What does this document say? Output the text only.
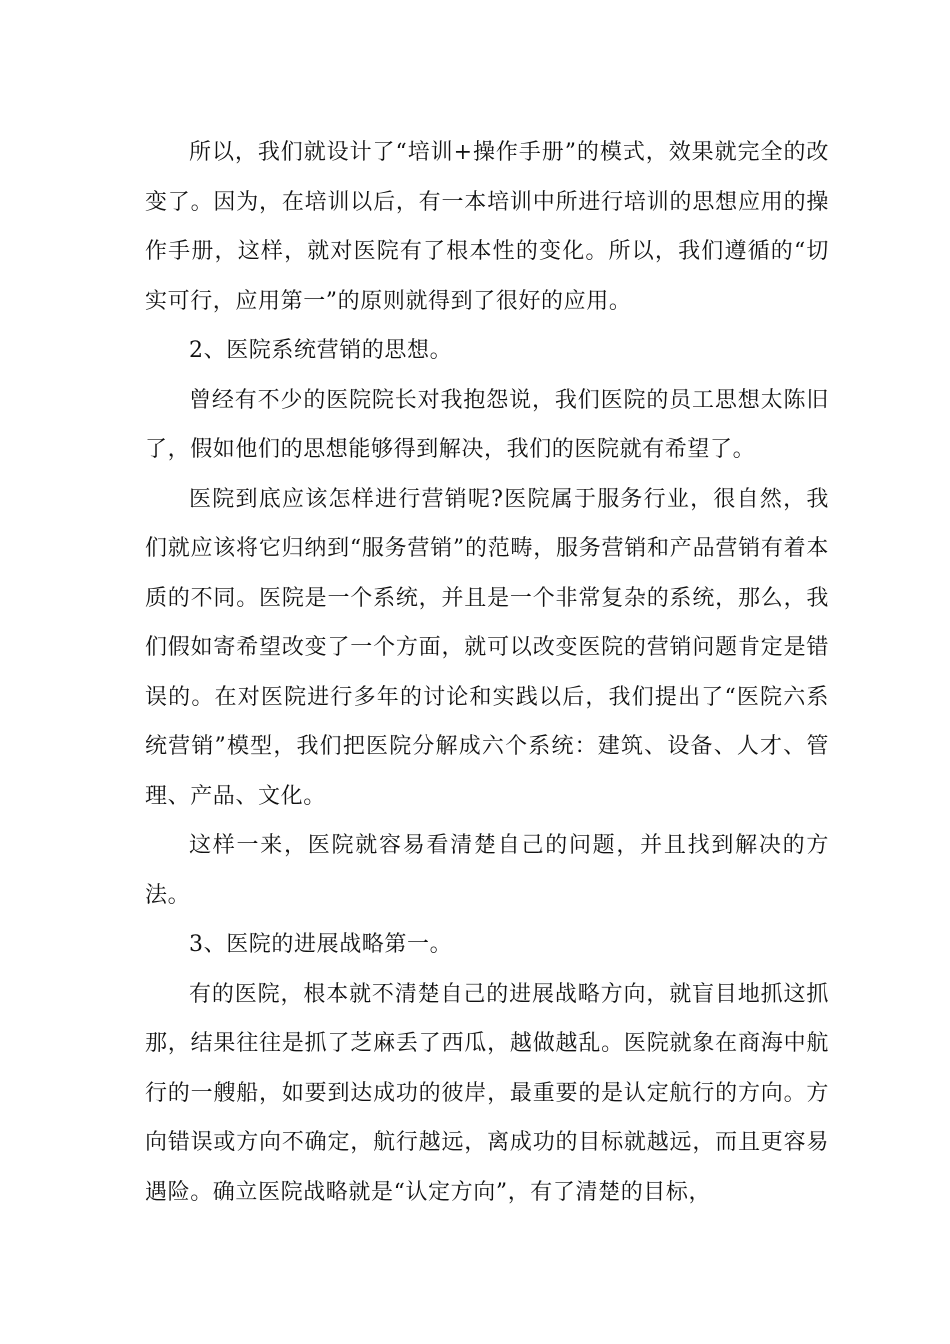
所以，我们就设计了“培训+操作手册”的模式，效果就完全的改变了。因为，在培训以后，有一本培训中所进行培训的思想应用的操作手册，这样，就对医院有了根本性的变化。所以，我们遵循的“切实可行，应用第一”的原则就得到了很好的应用。

2、医院系统营销的思想。

曾经有不少的医院院长对我抱怨说，我们医院的员工思想太陈旧了，假如他们的思想能够得到解决，我们的医院就有希望了。

医院到底应该怎样进行营销呢?医院属于服务行业，很自然，我们就应该将它归纳到“服务营销”的范畴，服务营销和产品营销有着本质的不同。医院是一个系统，并且是一个非常复杂的系统，那么，我们假如寄希望改变了一个方面，就可以改变医院的营销问题肯定是错误的。在对医院进行多年的讨论和实践以后，我们提出了“医院六系统营销”模型，我们把医院分解成六个系统：建筑、设备、人才、管理、产品、文化。

这样一来，医院就容易看清楚自己的问题，并且找到解决的方法。

3、医院的进展战略第一。

有的医院，根本就不清楚自己的进展战略方向，就盲目地抓这抓那，结果往往是抓了芝麻丢了西瓜，越做越乱。医院就象在商海中航行的一艘船，如要到达成功的彼岸，最重要的是认定航行的方向。方向错误或方向不确定，航行越远，离成功的目标就越远，而且更容易遇险。确立医院战略就是“认定方向”，有了清楚的目标，
